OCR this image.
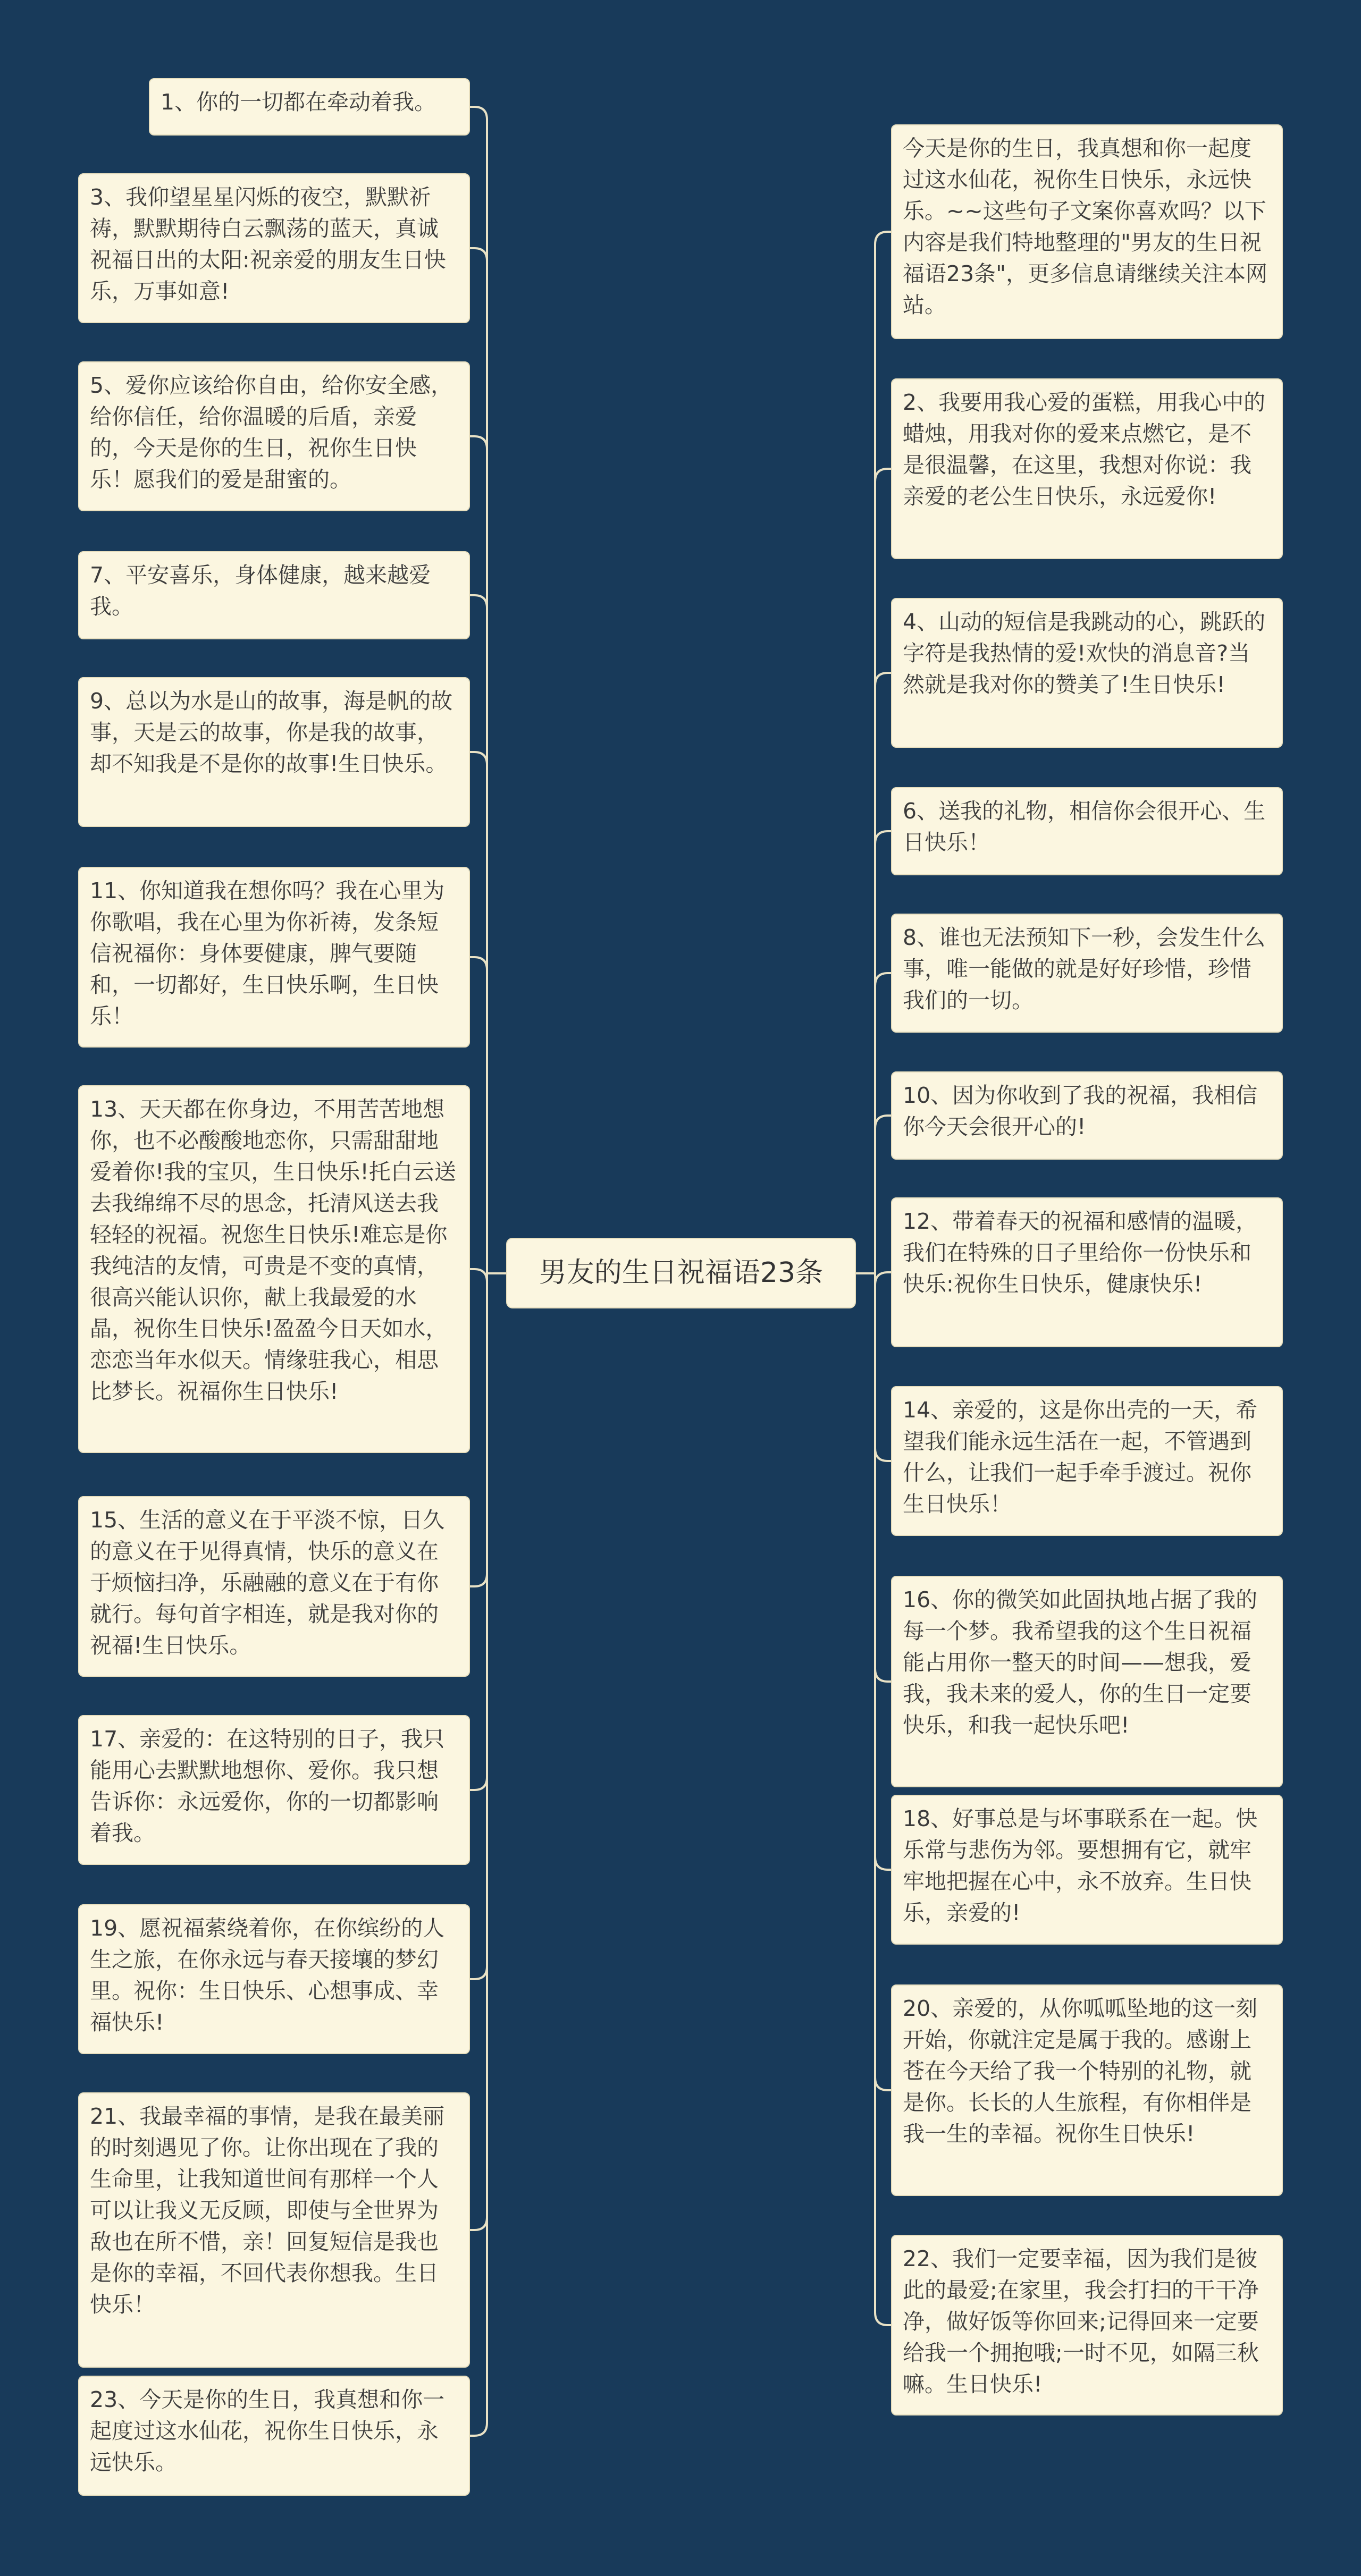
男友的生日祝福语23条
1、你的一切都在牵动着我。
3、我仰望星星闪烁的夜空，默默祈祷，默默期待白云飘荡的蓝天，真诚祝福日出的太阳:祝亲爱的朋友生日快乐，万事如意!
5、爱你应该给你自由，给你安全感，给你信任，给你温暖的后盾，亲爱的，今天是你的生日，祝你生日快乐！愿我们的爱是甜蜜的。
7、平安喜乐，身体健康，越来越爱我。
9、总以为水是山的故事，海是帆的故事，天是云的故事，你是我的故事，却不知我是不是你的故事!生日快乐。
11、你知道我在想你吗？我在心里为你歌唱，我在心里为你祈祷，发条短信祝福你：身体要健康，脾气要随和，一切都好，生日快乐啊，生日快乐！
13、天天都在你身边，不用苦苦地想你，也不必酸酸地恋你，只需甜甜地爱着你!我的宝贝，生日快乐!托白云送去我绵绵不尽的思念，托清风送去我轻轻的祝福。祝您生日快乐!难忘是你我纯洁的友情，可贵是不变的真情，很高兴能认识你，献上我最爱的水晶，祝你生日快乐!盈盈今日天如水，恋恋当年水似天。情缘驻我心，相思比梦长。祝福你生日快乐!
15、生活的意义在于平淡不惊，日久的意义在于见得真情，快乐的意义在于烦恼扫净，乐融融的意义在于有你就行。每句首字相连，就是我对你的祝福!生日快乐。
17、亲爱的：在这特别的日子，我只能用心去默默地想你、爱你。我只想告诉你：永远爱你，你的一切都影响着我。
19、愿祝福萦绕着你，在你缤纷的人生之旅，在你永远与春天接壤的梦幻里。祝你：生日快乐、心想事成、幸福快乐!
21、我最幸福的事情，是我在最美丽的时刻遇见了你。让你出现在了我的生命里，让我知道世间有那样一个人可以让我义无反顾，即使与全世界为敌也在所不惜，亲！回复短信是我也是你的幸福，不回代表你想我。生日快乐！
23、今天是你的生日，我真想和你一起度过这水仙花，祝你生日快乐，永远快乐。
今天是你的生日，我真想和你一起度过这水仙花，祝你生日快乐，永远快乐。~~这些句子文案你喜欢吗？以下内容是我们特地整理的"男友的生日祝福语23条"，更多信息请继续关注本网站。
2、我要用我心爱的蛋糕，用我心中的蜡烛，用我对你的爱来点燃它，是不是很温馨，在这里，我想对你说：我亲爱的老公生日快乐，永远爱你!
4、山动的短信是我跳动的心，跳跃的字符是我热情的爱!欢快的消息音?当然就是我对你的赞美了!生日快乐!
6、送我的礼物，相信你会很开心、生日快乐！
8、谁也无法预知下一秒，会发生什么事，唯一能做的就是好好珍惜，珍惜我们的一切。
10、因为你收到了我的祝福，我相信你今天会很开心的!
12、带着春天的祝福和感情的温暖，我们在特殊的日子里给你一份快乐和快乐:祝你生日快乐，健康快乐!
14、亲爱的，这是你出壳的一天，希望我们能永远生活在一起，不管遇到什么，让我们一起手牵手渡过。祝你生日快乐！
16、你的微笑如此固执地占据了我的每一个梦。我希望我的这个生日祝福能占用你一整天的时间——想我，爱我，我未来的爱人，你的生日一定要快乐，和我一起快乐吧!
18、好事总是与坏事联系在一起。快乐常与悲伤为邻。要想拥有它，就牢牢地把握在心中，永不放弃。生日快乐，亲爱的!
20、亲爱的，从你呱呱坠地的这一刻开始，你就注定是属于我的。感谢上苍在今天给了我一个特别的礼物，就是你。长长的人生旅程，有你相伴是我一生的幸福。祝你生日快乐!
22、我们一定要幸福，因为我们是彼此的最爱;在家里，我会打扫的干干净净，做好饭等你回来;记得回来一定要给我一个拥抱哦;一时不见，如隔三秋嘛。生日快乐!
